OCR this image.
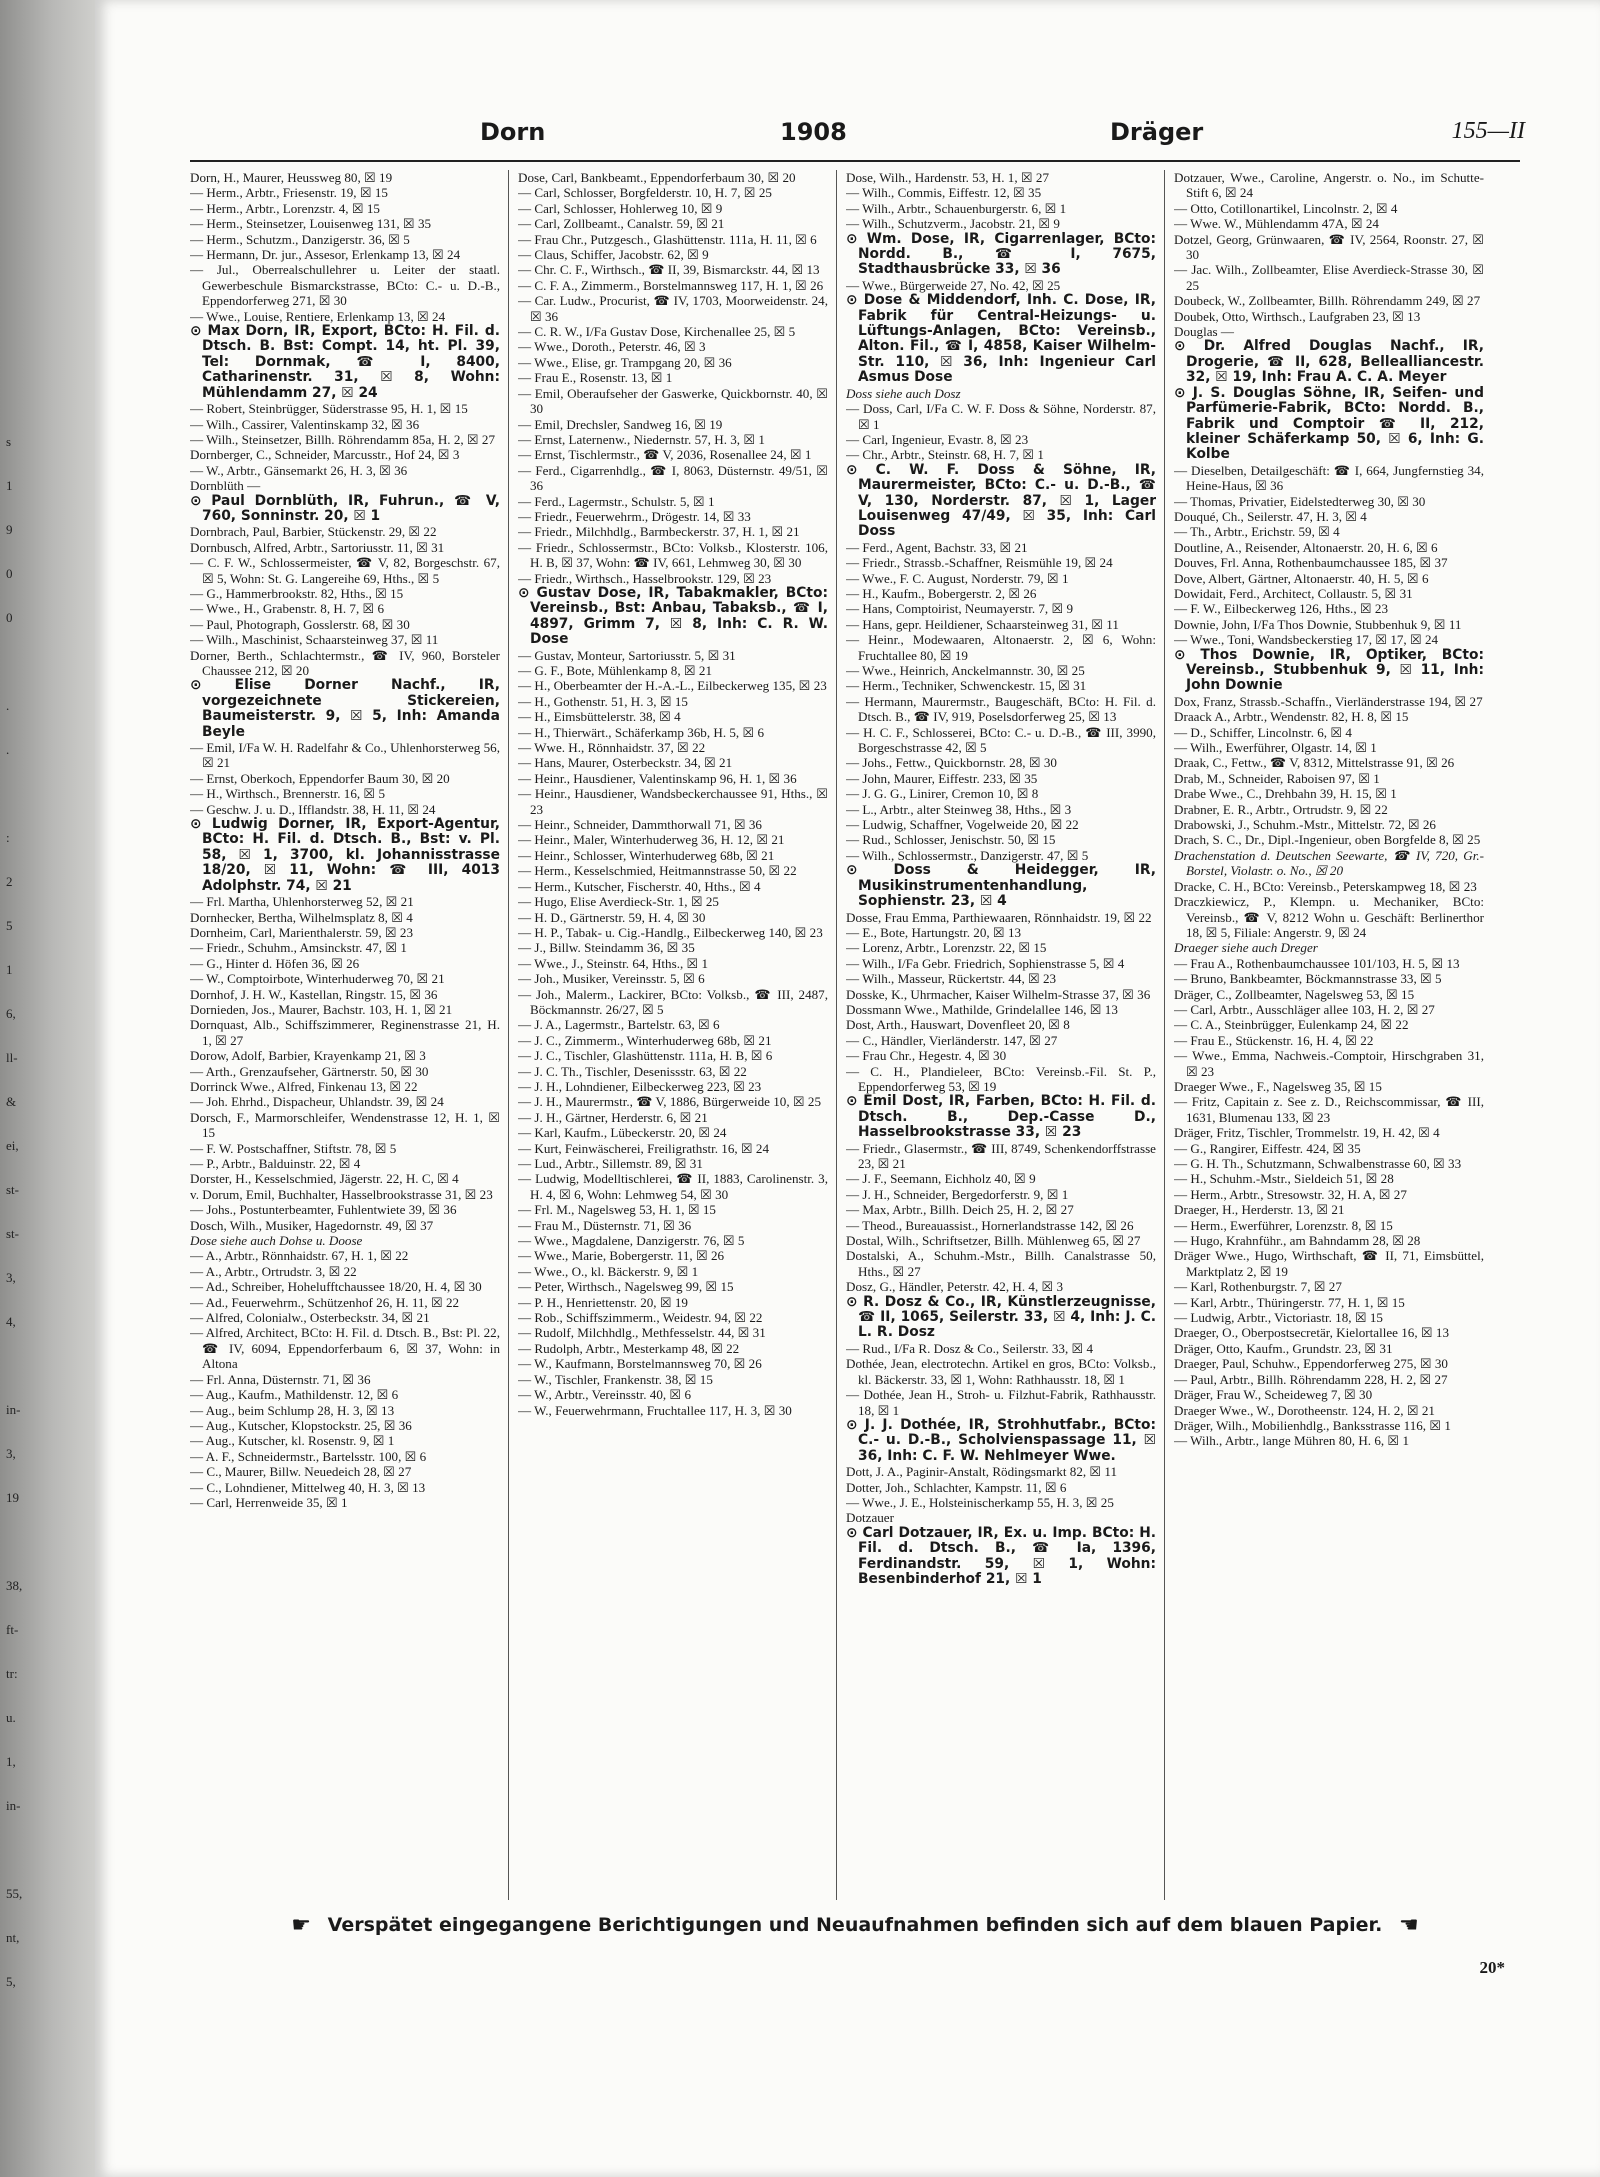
s
1
9
0
0

.
.

:
2
5
1
6,
ll-
&
ei,
st-
st-
3,
4,

in-
3,
19

38,
ft-
tr:
u.
1,
in-

55,
nt,
5,
Dorn	1908	Dräger	155—II

Dorn, H., Maurer, Heussweg 80, ☒ 19

— Herm., Arbtr., Friesenstr. 19, ☒ 15

— Herm., Arbtr., Lorenzstr. 4, ☒ 15

— Herm., Steinsetzer, Louisenweg 131, ☒ 35

— Herm., Schutzm., Danzigerstr. 36, ☒ 5

— Hermann, Dr. jur., Assesor, Erlenkamp 13, ☒ 24

— Jul., Oberrealschullehrer u. Leiter der staatl. Gewerbeschule Bismarckstrasse, BCto: C.- u. D.-B., Eppendorferweg 271, ☒ 30

— Wwe., Louise, Rentiere, Erlenkamp 13, ☒ 24

⊙ Max Dorn, IR, Export, BCto: H. Fil. d. Dtsch. B. Bst: Compt. 14, ht. Pl. 39, Tel: Dornmak, ☎ I, 8400, Catharinenstr. 31, ☒ 8, Wohn: Mühlendamm 27, ☒ 24

— Robert, Steinbrügger, Süderstrasse 95, H. 1, ☒ 15

— Wilh., Cassirer, Valentinskamp 32, ☒ 36

— Wilh., Steinsetzer, Billh. Röhrendamm 85a, H. 2, ☒ 27

Dornberger, C., Schneider, Marcusstr., Hof 24, ☒ 3

— W., Arbtr., Gänsemarkt 26, H. 3, ☒ 36

Dornblüth —

⊙ Paul Dornblüth, IR, Fuhrun., ☎ V, 760, Sonninstr. 20, ☒ 1

Dornbrach, Paul, Barbier, Stückenstr. 29, ☒ 22

Dornbusch, Alfred, Arbtr., Sartoriusstr. 11, ☒ 31

— C. F. W., Schlossermeister, ☎ V, 82, Borgeschstr. 67, ☒ 5, Wohn: St. G. Langereihe 69, Hths., ☒ 5

— G., Hammerbrookstr. 82, Hths., ☒ 15

— Wwe., H., Grabenstr. 8, H. 7, ☒ 6

— Paul, Photograph, Gosslerstr. 68, ☒ 30

— Wilh., Maschinist, Schaarsteinweg 37, ☒ 11

Dorner, Berth., Schlachtermstr., ☎ IV, 960, Borsteler Chaussee 212, ☒ 20

⊙ Elise Dorner Nachf., IR, vorgezeichnete Stickereien, Baumeisterstr. 9, ☒ 5, Inh: Amanda Beyle

— Emil, I/Fa W. H. Radelfahr & Co., Uhlenhorsterweg 56, ☒ 21

— Ernst, Oberkoch, Eppendorfer Baum 30, ☒ 20

— H., Wirthsch., Brennerstr. 16, ☒ 5

— Geschw. J. u. D., Ifflandstr. 38, H. 11, ☒ 24

⊙ Ludwig Dorner, IR, Export-Agentur, BCto: H. Fil. d. Dtsch. B., Bst: v. Pl. 58, ☒ 1, 3700, kl. Johannisstrasse 18/20, ☒ 11, Wohn: ☎ III, 4013 Adolphstr. 74, ☒ 21

— Frl. Martha, Uhlenhorsterweg 52, ☒ 21

Dornhecker, Bertha, Wilhelmsplatz 8, ☒ 4

Dornheim, Carl, Marienthalerstr. 59, ☒ 23

— Friedr., Schuhm., Amsinckstr. 47, ☒ 1

— G., Hinter d. Höfen 36, ☒ 26

— W., Comptoirbote, Winterhuderweg 70, ☒ 21

Dornhof, J. H. W., Kastellan, Ringstr. 15, ☒ 36

Dornieden, Jos., Maurer, Bachstr. 103, H. 1, ☒ 21

Dornquast, Alb., Schiffszimmerer, Reginenstrasse 21, H. 1, ☒ 27

Dorow, Adolf, Barbier, Krayenkamp 21, ☒ 3

— Arth., Grenzaufseher, Gärtnerstr. 50, ☒ 30

Dorrinck Wwe., Alfred, Finkenau 13, ☒ 22

— Joh. Ehrhd., Dispacheur, Uhlandstr. 39, ☒ 24

Dorsch, F., Marmorschleifer, Wendenstrasse 12, H. 1, ☒ 15

— F. W. Postschaffner, Stiftstr. 78, ☒ 5

— P., Arbtr., Balduinstr. 22, ☒ 4

Dorster, H., Kesselschmied, Jägerstr. 22, H. C, ☒ 4

v. Dorum, Emil, Buchhalter, Hasselbrookstrasse 31, ☒ 23

— Johs., Postunterbeamter, Fuhlentwiete 39, ☒ 36

Dosch, Wilh., Musiker, Hagedornstr. 49, ☒ 37

Dose siehe auch Dohse u. Doose

— A., Arbtr., Rönnhaidstr. 67, H. 1, ☒ 22

— A., Arbtr., Ortrudstr. 3, ☒ 22

— Ad., Schreiber, Hohelufftchaussee 18/20, H. 4, ☒ 30

— Ad., Feuerwehrm., Schützenhof 26, H. 11, ☒ 22

— Alfred, Colonialw., Osterbeckstr. 34, ☒ 21

— Alfred, Architect, BCto: H. Fil. d. Dtsch. B., Bst: Pl. 22, ☎ IV, 6094, Eppendorferbaum 6, ☒ 37, Wohn: in Altona

— Frl. Anna, Düsternstr. 71, ☒ 36

— Aug., Kaufm., Mathildenstr. 12, ☒ 6

— Aug., beim Schlump 28, H. 3, ☒ 13

— Aug., Kutscher, Klopstockstr. 25, ☒ 36

— Aug., Kutscher, kl. Rosenstr. 9, ☒ 1

— A. F., Schneidermstr., Bartelsstr. 100, ☒ 6

— C., Maurer, Billw. Neuedeich 28, ☒ 27

— C., Lohndiener, Mittelweg 40, H. 3, ☒ 13

— Carl, Herrenweide 35, ☒ 1

Dose, Carl, Bankbeamt., Eppendorferbaum 30, ☒ 20

— Carl, Schlosser, Borgfelderstr. 10, H. 7, ☒ 25

— Carl, Schlosser, Hohlerweg 10, ☒ 9

— Carl, Zollbeamt., Canalstr. 59, ☒ 21

— Frau Chr., Putzgesch., Glashüttenstr. 111a, H. 11, ☒ 6

— Claus, Schiffer, Jacobstr. 62, ☒ 9

— Chr. C. F., Wirthsch., ☎ II, 39, Bismarckstr. 44, ☒ 13

— C. F. A., Zimmerm., Borstelmannsweg 117, H. 1, ☒ 26

— Car. Ludw., Procurist, ☎ IV, 1703, Moorweidenstr. 24, ☒ 36

— C. R. W., I/Fa Gustav Dose, Kirchenallee 25, ☒ 5

— Wwe., Doroth., Peterstr. 46, ☒ 3

— Wwe., Elise, gr. Trampgang 20, ☒ 36

— Frau E., Rosenstr. 13, ☒ 1

— Emil, Oberaufseher der Gaswerke, Quickbornstr. 40, ☒ 30

— Emil, Drechsler, Sandweg 16, ☒ 19

— Ernst, Laternenw., Niedernstr. 57, H. 3, ☒ 1

— Ernst, Tischlermstr., ☎ V, 2036, Rosenallee 24, ☒ 1

— Ferd., Cigarrenhdlg., ☎ I, 8063, Düsternstr. 49/51, ☒ 36

— Ferd., Lagermstr., Schulstr. 5, ☒ 1

— Friedr., Feuerwehrm., Drögestr. 14, ☒ 33

— Friedr., Milchhdlg., Barmbeckerstr. 37, H. 1, ☒ 21

— Friedr., Schlossermstr., BCto: Volksb., Klosterstr. 106, H. B, ☒ 37, Wohn: ☎ IV, 661, Lehmweg 30, ☒ 30

— Friedr., Wirthsch., Hasselbrookstr. 129, ☒ 23

⊙ Gustav Dose, IR, Tabakmakler, BCto: Vereinsb., Bst: Anbau, Tabaksb., ☎ I, 4897, Grimm 7, ☒ 8, Inh: C. R. W. Dose

— Gustav, Monteur, Sartoriusstr. 5, ☒ 31

— G. F., Bote, Mühlenkamp 8, ☒ 21

— H., Oberbeamter der H.-A.-L., Eilbeckerweg 135, ☒ 23

— H., Gothenstr. 51, H. 3, ☒ 15

— H., Eimsbüttelerstr. 38, ☒ 4

— H., Thierwärt., Schäferkamp 36b, H. 5, ☒ 6

— Wwe. H., Rönnhaidstr. 37, ☒ 22

— Hans, Maurer, Osterbeckstr. 34, ☒ 21

— Heinr., Hausdiener, Valentinskamp 96, H. 1, ☒ 36

— Heinr., Hausdiener, Wandsbeckerchaussee 91, Hths., ☒ 23

— Heinr., Schneider, Dammthorwall 71, ☒ 36

— Heinr., Maler, Winterhuderweg 36, H. 12, ☒ 21

— Heinr., Schlosser, Winterhuderweg 68b, ☒ 21

— Herm., Kesselschmied, Heitmannstrasse 50, ☒ 22

— Herm., Kutscher, Fischerstr. 40, Hths., ☒ 4

— Hugo, Elise Averdieck-Str. 1, ☒ 25

— H. D., Gärtnerstr. 59, H. 4, ☒ 30

— H. P., Tabak- u. Cig.-Handlg., Eilbeckerweg 140, ☒ 23

— J., Billw. Steindamm 36, ☒ 35

— Wwe., J., Steinstr. 64, Hths., ☒ 1

— Joh., Musiker, Vereinsstr. 5, ☒ 6

— Joh., Malerm., Lackirer, BCto: Volksb., ☎ III, 2487, Böckmannstr. 26/27, ☒ 5

— J. A., Lagermstr., Bartelstr. 63, ☒ 6

— J. C., Zimmerm., Winterhuderweg 68b, ☒ 21

— J. C., Tischler, Glashüttenstr. 111a, H. B, ☒ 6

— J. C. Th., Tischler, Desenissstr. 63, ☒ 22

— J. H., Lohndiener, Eilbeckerweg 223, ☒ 23

— J. H., Maurermstr., ☎ V, 1886, Bürgerweide 10, ☒ 25

— J. H., Gärtner, Herderstr. 6, ☒ 21

— Karl, Kaufm., Lübeckerstr. 20, ☒ 24

— Kurt, Feinwäscherei, Freiligrathstr. 16, ☒ 24

— Lud., Arbtr., Sillemstr. 89, ☒ 31

— Ludwig, Modelltischlerei, ☎ II, 1883, Carolinenstr. 3, H. 4, ☒ 6, Wohn: Lehmweg 54, ☒ 30

— Frl. M., Nagelsweg 53, H. 1, ☒ 15

— Frau M., Düsternstr. 71, ☒ 36

— Wwe., Magdalene, Danzigerstr. 76, ☒ 5

— Wwe., Marie, Bobergerstr. 11, ☒ 26

— Wwe., O., kl. Bäckerstr. 9, ☒ 1

— Peter, Wirthsch., Nagelsweg 99, ☒ 15

— P. H., Henriettenstr. 20, ☒ 19

— Rob., Schiffszimmerm., Weidestr. 94, ☒ 22

— Rudolf, Milchhdlg., Methfesselstr. 44, ☒ 31

— Rudolph, Arbtr., Mesterkamp 48, ☒ 22

— W., Kaufmann, Borstelmannsweg 70, ☒ 26

— W., Tischler, Frankenstr. 38, ☒ 15

— W., Arbtr., Vereinsstr. 40, ☒ 6

— W., Feuerwehrmann, Fruchtallee 117, H. 3, ☒ 30

Dose, Wilh., Hardenstr. 53, H. 1, ☒ 27

— Wilh., Commis, Eiffestr. 12, ☒ 35

— Wilh., Arbtr., Schauenburgerstr. 6, ☒ 1

— Wilh., Schutzverm., Jacobstr. 21, ☒ 9

⊙ Wm. Dose, IR, Cigarrenlager, BCto: Nordd. B., ☎ I, 7675, Stadthausbrücke 33, ☒ 36

— Wwe., Bürgerweide 27, No. 42, ☒ 25

⊙ Dose & Middendorf, Inh. C. Dose, IR, Fabrik für Central-Heizungs- u. Lüftungs-Anlagen, BCto: Vereinsb., Alton. Fil., ☎ I, 4858, Kaiser Wilhelm-Str. 110, ☒ 36, Inh: Ingenieur Carl Asmus Dose

Doss siehe auch Dosz

— Doss, Carl, I/Fa C. W. F. Doss & Söhne, Norderstr. 87, ☒ 1

— Carl, Ingenieur, Evastr. 8, ☒ 23

— Chr., Arbtr., Steinstr. 68, H. 7, ☒ 1

⊙ C. W. F. Doss & Söhne, IR, Maurermeister, BCto: C.- u. D.-B., ☎ V, 130, Norderstr. 87, ☒ 1, Lager Louisenweg 47/49, ☒ 35, Inh: Carl Doss

— Ferd., Agent, Bachstr. 33, ☒ 21

— Friedr., Strassb.-Schaffner, Reismühle 19, ☒ 24

— Wwe., F. C. August, Norderstr. 79, ☒ 1

— H., Kaufm., Bobergerstr. 2, ☒ 26

— Hans, Comptoirist, Neumayerstr. 7, ☒ 9

— Hans, gepr. Heildiener, Schaarsteinweg 31, ☒ 11

— Heinr., Modewaaren, Altonaerstr. 2, ☒ 6, Wohn: Fruchtallee 80, ☒ 19

— Wwe., Heinrich, Anckelmannstr. 30, ☒ 25

— Herm., Techniker, Schwenckestr. 15, ☒ 31

— Hermann, Maurermstr., Baugeschäft, BCto: H. Fil. d. Dtsch. B., ☎ IV, 919, Poselsdorferweg 25, ☒ 13

— H. C. F., Schlosserei, BCto: C.- u. D.-B., ☎ III, 3990, Borgeschstrasse 42, ☒ 5

— Johs., Fettw., Quickbornstr. 28, ☒ 30

— John, Maurer, Eiffestr. 233, ☒ 35

— J. G. G., Linirer, Cremon 10, ☒ 8

— L., Arbtr., alter Steinweg 38, Hths., ☒ 3

— Ludwig, Schaffner, Vogelweide 20, ☒ 22

— Rud., Schlosser, Jenischstr. 50, ☒ 15

— Wilh., Schlossermstr., Danzigerstr. 47, ☒ 5

⊙ Doss & Heidegger, IR, Musikinstrumentenhandlung, Sophienstr. 23, ☒ 4

Dosse, Frau Emma, Parthiewaaren, Rönnhaidstr. 19, ☒ 22

— E., Bote, Hartungstr. 20, ☒ 13

— Lorenz, Arbtr., Lorenzstr. 22, ☒ 15

— Wilh., I/Fa Gebr. Friedrich, Sophienstrasse 5, ☒ 4

— Wilh., Masseur, Rückertstr. 44, ☒ 23

Dosske, K., Uhrmacher, Kaiser Wilhelm-Strasse 37, ☒ 36

Dossmann Wwe., Mathilde, Grindelallee 146, ☒ 13

Dost, Arth., Hauswart, Dovenfleet 20, ☒ 8

— C., Händler, Vierländerstr. 147, ☒ 27

— Frau Chr., Hegestr. 4, ☒ 30

— C. H., Plandieleer, BCto: Vereinsb.-Fil. St. P., Eppendorferweg 53, ☒ 19

⊙ Emil Dost, IR, Farben, BCto: H. Fil. d. Dtsch. B., Dep.-Casse D., Hasselbrookstrasse 33, ☒ 23

— Friedr., Glasermstr., ☎ III, 8749, Schenkendorffstrasse 23, ☒ 21

— J. F., Seemann, Eichholz 40, ☒ 9

— J. H., Schneider, Bergedorferstr. 9, ☒ 1

— Max, Arbtr., Billh. Deich 25, H. 2, ☒ 27

— Theod., Bureauassist., Hornerlandstrasse 142, ☒ 26

Dostal, Wilh., Schriftsetzer, Billh. Mühlenweg 65, ☒ 27

Dostalski, A., Schuhm.-Mstr., Billh. Canalstrasse 50, Hths., ☒ 27

Dosz, G., Händler, Peterstr. 42, H. 4, ☒ 3

⊙ R. Dosz & Co., IR, Künstlerzeugnisse, ☎ II, 1065, Seilerstr. 33, ☒ 4, Inh: J. C. L. R. Dosz

— Rud., I/Fa R. Dosz & Co., Seilerstr. 33, ☒ 4

Dothée, Jean, electrotechn. Artikel en gros, BCto: Volksb., kl. Bäckerstr. 33, ☒ 1, Wohn: Rathhausstr. 18, ☒ 1

— Dothée, Jean H., Stroh- u. Filzhut-Fabrik, Rathhausstr. 18, ☒ 1

⊙ J. J. Dothée, IR, Strohhutfabr., BCto: C.- u. D.-B., Scholvienspassage 11, ☒ 36, Inh: C. F. W. Nehlmeyer Wwe.

Dott, J. A., Paginir-Anstalt, Rödingsmarkt 82, ☒ 11

Dotter, Joh., Schlachter, Kampstr. 11, ☒ 6

— Wwe., J. E., Holsteinischerkamp 55, H. 3, ☒ 25

Dotzauer

⊙ Carl Dotzauer, IR, Ex. u. Imp. BCto: H. Fil. d. Dtsch. B., ☎ Ia, 1396, Ferdinandstr. 59, ☒ 1, Wohn: Besenbinderhof 21, ☒ 1

Dotzauer, Wwe., Caroline, Angerstr. o. No., im Schutte-Stift 6, ☒ 24

— Otto, Cotillonartikel, Lincolnstr. 2, ☒ 4

— Wwe. W., Mühlendamm 47A, ☒ 24

Dotzel, Georg, Grünwaaren, ☎ IV, 2564, Roonstr. 27, ☒ 30

— Jac. Wilh., Zollbeamter, Elise Averdieck-Strasse 30, ☒ 25

Doubeck, W., Zollbeamter, Billh. Röhrendamm 249, ☒ 27

Doubek, Otto, Wirthsch., Laufgraben 23, ☒ 13

Douglas —

⊙ Dr. Alfred Douglas Nachf., IR, Drogerie, ☎ II, 628, Bellealliancestr. 32, ☒ 19, Inh: Frau A. C. A. Meyer

⊙ J. S. Douglas Söhne, IR, Seifen- und Parfümerie-Fabrik, BCto: Nordd. B., Fabrik und Comptoir ☎ II, 212, kleiner Schäferkamp 50, ☒ 6, Inh: G. Kolbe

— Dieselben, Detailgeschäft: ☎ I, 664, Jungfernstieg 34, Heine-Haus, ☒ 36

— Thomas, Privatier, Eidelstedterweg 30, ☒ 30

Douqué, Ch., Seilerstr. 47, H. 3, ☒ 4

— Th., Arbtr., Erichstr. 59, ☒ 4

Doutline, A., Reisender, Altonaerstr. 20, H. 6, ☒ 6

Douves, Frl. Anna, Rothenbaumchaussee 185, ☒ 37

Dove, Albert, Gärtner, Altonaerstr. 40, H. 5, ☒ 6

Dowidait, Ferd., Architect, Collaustr. 5, ☒ 31

— F. W., Eilbeckerweg 126, Hths., ☒ 23

Downie, John, I/Fa Thos Downie, Stubbenhuk 9, ☒ 11

— Wwe., Toni, Wandsbeckerstieg 17, ☒ 17, ☒ 24

⊙ Thos Downie, IR, Optiker, BCto: Vereinsb., Stubbenhuk 9, ☒ 11, Inh: John Downie

Dox, Franz, Strassb.-Schaffn., Vierländerstrasse 194, ☒ 27

Draack A., Arbtr., Wendenstr. 82, H. 8, ☒ 15

— D., Schiffer, Lincolnstr. 6, ☒ 4

— Wilh., Ewerführer, Olgastr. 14, ☒ 1

Draak, C., Fettw., ☎ V, 8312, Mittelstrasse 91, ☒ 26

Drab, M., Schneider, Raboisen 97, ☒ 1

Drabe Wwe., C., Drehbahn 39, H. 15, ☒ 1

Drabner, E. R., Arbtr., Ortrudstr. 9, ☒ 22

Drabowski, J., Schuhm.-Mstr., Mittelstr. 72, ☒ 26

Drach, S. C., Dr., Dipl.-Ingenieur, oben Borgfelde 8, ☒ 25

Drachenstation d. Deutschen Seewarte, ☎ IV, 720, Gr.-Borstel, Violastr. o. No., ☒ 20

Dracke, C. H., BCto: Vereinsb., Peterskampweg 18, ☒ 23

Draczkiewicz, P., Klempn. u. Mechaniker, BCto: Vereinsb., ☎ V, 8212 Wohn u. Geschäft: Berlinerthor 18, ☒ 5, Filiale: Angerstr. 9, ☒ 24

Draeger siehe auch Dreger

— Frau A., Rothenbaumchaussee 101/103, H. 5, ☒ 13

— Bruno, Bankbeamter, Böckmannstrasse 33, ☒ 5

Dräger, C., Zollbeamter, Nagelsweg 53, ☒ 15

— Carl, Arbtr., Ausschläger allee 103, H. 2, ☒ 27

— C. A., Steinbrügger, Eulenkamp 24, ☒ 22

— Frau E., Stückenstr. 16, H. 4, ☒ 22

— Wwe., Emma, Nachweis.-Comptoir, Hirschgraben 31, ☒ 23

Draeger Wwe., F., Nagelsweg 35, ☒ 15

— Fritz, Capitain z. See z. D., Reichscommissar, ☎ III, 1631, Blumenau 133, ☒ 23

Dräger, Fritz, Tischler, Trommelstr. 19, H. 42, ☒ 4

— G., Rangirer, Eiffestr. 424, ☒ 35

— G. H. Th., Schutzmann, Schwalbenstrasse 60, ☒ 33

— H., Schuhm.-Mstr., Sieldeich 51, ☒ 28

— Herm., Arbtr., Stresowstr. 32, H. A, ☒ 27

Draeger, H., Herderstr. 13, ☒ 21

— Herm., Ewerführer, Lorenzstr. 8, ☒ 15

— Hugo, Krahnführ., am Bahndamm 28, ☒ 28

Dräger Wwe., Hugo, Wirthschaft, ☎ II, 71, Eimsbüttel, Marktplatz 2, ☒ 19

— Karl, Rothenburgstr. 7, ☒ 27

— Karl, Arbtr., Thüringerstr. 77, H. 1, ☒ 15

— Ludwig, Arbtr., Victoriastr. 18, ☒ 15

Draeger, O., Oberpostsecretär, Kielortallee 16, ☒ 13

Dräger, Otto, Kaufm., Grundstr. 23, ☒ 31

Draeger, Paul, Schuhw., Eppendorferweg 275, ☒ 30

— Paul, Arbtr., Billh. Röhrendamm 228, H. 2, ☒ 27

Dräger, Frau W., Scheideweg 7, ☒ 30

Draeger Wwe., W., Dorotheenstr. 124, H. 2, ☒ 21

Dräger, Wilh., Mobilienhdlg., Banksstrasse 116, ☒ 1

— Wilh., Arbtr., lange Mühren 80, H. 6, ☒ 1

☛ Verspätet eingegangene Berichtigungen und Neuaufnahmen befinden sich auf dem blauen Papier. ☚
20*
